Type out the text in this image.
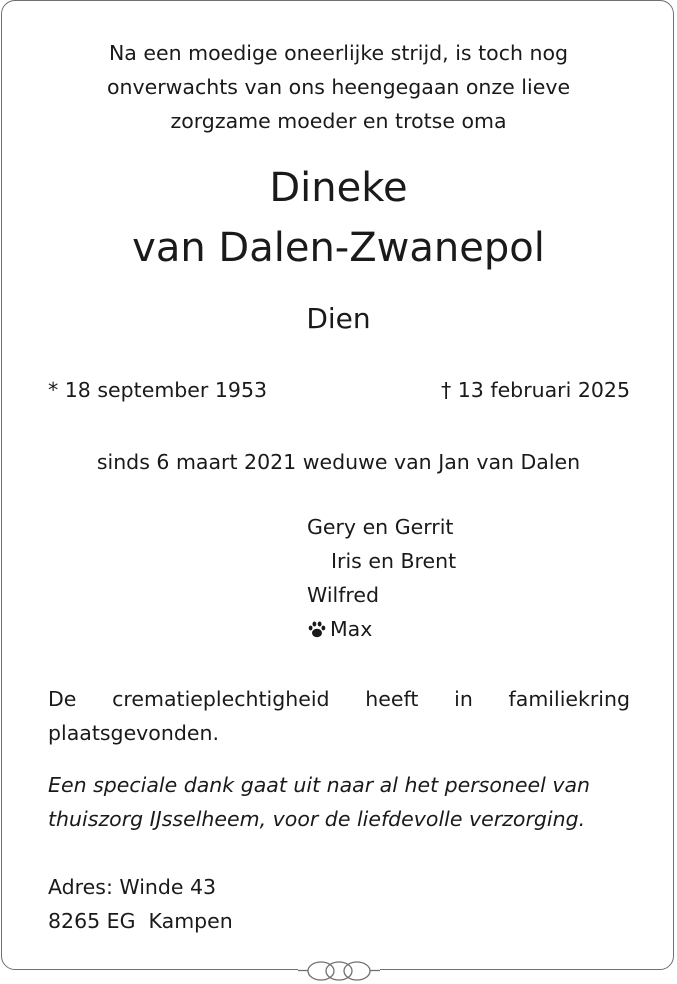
Na een moedige oneerlijke strijd, is toch nog
onverwachts van ons heengegaan onze lieve
zorgzame moeder en trotse oma
Dineke
van Dalen-Zwanepol
Dien
* 18 september 1953	† 13 februari 2025
sinds 6 maart 2021 weduwe van Jan van Dalen
Gery en Gerrit
Iris en Brent
Wilfred
Max
De crematieplechtigheid heeft in familiekring
plaatsgevonden.
Een speciale dank gaat uit naar al het personeel van
thuiszorg IJsselheem, voor de liefdevolle verzorging.
Adres: Winde 43
8265 EG  Kampen
